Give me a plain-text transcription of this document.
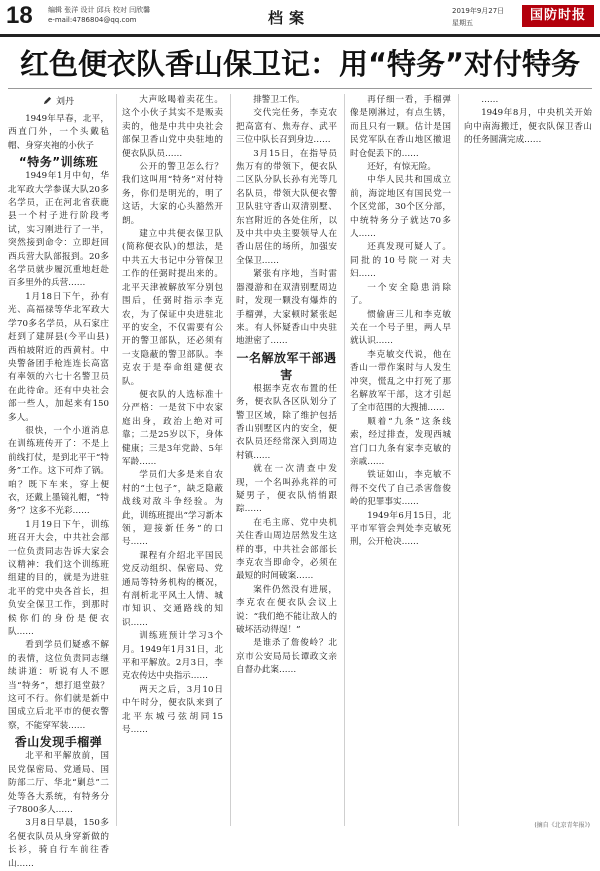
18 编辑 张洋 设计 邱兵 校对 闫欣馨
e-mail:4786804@qq.com	档案	2019年9月27日
星期五	国防时报
红色便衣队香山保卫记：用“特务”对付特务
刘丹

1949年早春，北平，西直门外，一个头戴毡帽、身穿夹袍的小伙子

“特务”训练班

1949年1月中旬，华北军政大学参谋大队20多名学员，正在河北省获鹿县一个村子进行阶段考试，实习刚进行了一半，突然接到命令：立即赶回西兵营大队部报到。20多名学员就步履沉重地赶赴百多里外的兵营……

1月18日下午，孙有光、高福禄等华北军政大学70多名学员，从石家庄赶到了建屏县(今平山县)西柏坡附近的西黄村。中央警备团手枪连连长高富有率领的六七十名警卫员在此待命。还有中央社会部一些人，加起来有150多人。

很快，一个小道消息在训练班传开了：不是上前线打仗，是到北平干“特务”工作。这下可炸了锅。咱？既下车来，穿上便衣，还戴上墨镜礼帽，“特务”？这多不光彩……

1月19日下午，训练班召开大会，中共社会部一位负责同志告诉大家会议精神：我们这个训练班组建的目的，就是为进驻北平的党中央各首长，担负安全保卫工作，到那时候你们的身份是便衣队……

看到学员们疑惑不解的表情，这位负责同志继续讲道：听说有人不愿当“特务”，想打退堂鼓？这可不行。你们就是新中国成立后北平市的便衣警察，不能穿军装……

香山发现手榴弹

北平和平解放前，国民党保密局、党通局、国防部二厅、华北“剿总”二处等各大系统，有特务分子7800多人……

3月8日早晨，150多名便衣队员从身穿新做的长衫，骑自行车前往香山……

大声吆喝着卖花生。这个小伙子其实不是贩卖卖的，他是中共中央社会部保卫香山党中央驻地的便衣队队员……

公开的警卫怎么行？我们这叫用“特务”对付特务，你们是明光的，明了这话，大家的心头豁然开朗。

建立中共便衣保卫队(简称便衣队)的想法，是中共五大书记中分管保卫工作的任弼时提出来的。北平天津被解放军分别包围后，任弼时指示李克农，为了保证中央进驻北平的安全，不仅需要有公开的警卫部队，还必须有一支隐蔽的警卫部队。李克农于是奉命组建便衣队。

便衣队的人选标准十分严格：一是贫下中农家庭出身，政治上绝对可靠；二是25岁以下，身体健康；三是3年党龄、5年军龄……

学员们大多是来自农村的“土包子”，缺乏隐蔽战线对敌斗争经验。为此，训练班提出“学习新本领，迎接新任务”的口号……

课程有介绍北平国民党反动组织、保密局、党通局等特务机构的概况，有剖析北平风土人情、城市知识、交通路线的知识……

训练班预计学习3个月。1949年1月31日，北平和平解放。2月3日，李克农传达中央指示……

两天之后，3月10日中午时分，便衣队来到了北平东城弓弦胡同15号……

排警卫工作。

交代完任务，李克农把高富有、焦寿存、武平三位中队长召到身边……

3月15日，在指导员焦万有的带领下，便衣队二区队分队长孙有光等几名队员，带领大队便衣警卫队驻守香山双清别墅、东宫附近的各处住所，以及中共中央主要领导人在香山居住的场所，加强安全保卫……

紧张有序地，当时雷器漫游和在双清别墅周边时，发现一颗没有爆炸的手榴弹，大家顿时紧张起来。有人怀疑香山中央驻地泄密了……

一名解放军干部遇害

根据李克农布置的任务，便衣队各区队划分了警卫区域，除了维护包括香山别墅区内的安全，便衣队员还经常深入到周边村镇……

就在一次清查中发现，一个名叫孙兆祥的可疑男子，便衣队悄悄跟踪……

在毛主席、党中央机关住香山周边居然发生这样的事，中共社会部部长李克农当即命令，必须在最短的时间破案……

案件仍然没有进展，李克农在便衣队会议上说：“我们绝不能让敌人的破坏活动得逞！”

是谁杀了詹俊岭？北京市公安局局长谭政文亲自督办此案……

再仔细一看，手榴弹像是刚淋过，有点生锈，而且只有一颗。估计是国民党军队在香山地区撤退时仓促丢下的……

还好，有惊无险。

中华人民共和国成立前，海淀地区有国民党一个区党部，30个区分部，中统特务分子就达70多人……

还真发现可疑人了。同批的10号院一对夫妇……

一个安全隐患消除了。

惯偷唐三儿和李克敏关在一个号子里，两人早就认识……

李克敏交代说，他在香山一带作案时与人发生冲突，慌乱之中打死了那名解放军干部，这才引起了全市范围的大搜捕……

顺着“九条”这条线索，经过排查，发现西城宫门口九条有家李克敏的亲戚……

铁证如山，李克敏不得不交代了自己杀害詹俊岭的犯罪事实……

1949年6月15日，北平市军管会判处李克敏死刑，公开枪决……

……

1949年8月，中央机关开始向中南海搬迁，便衣队保卫香山的任务圆满完成……

(摘自《北京青年报》)
